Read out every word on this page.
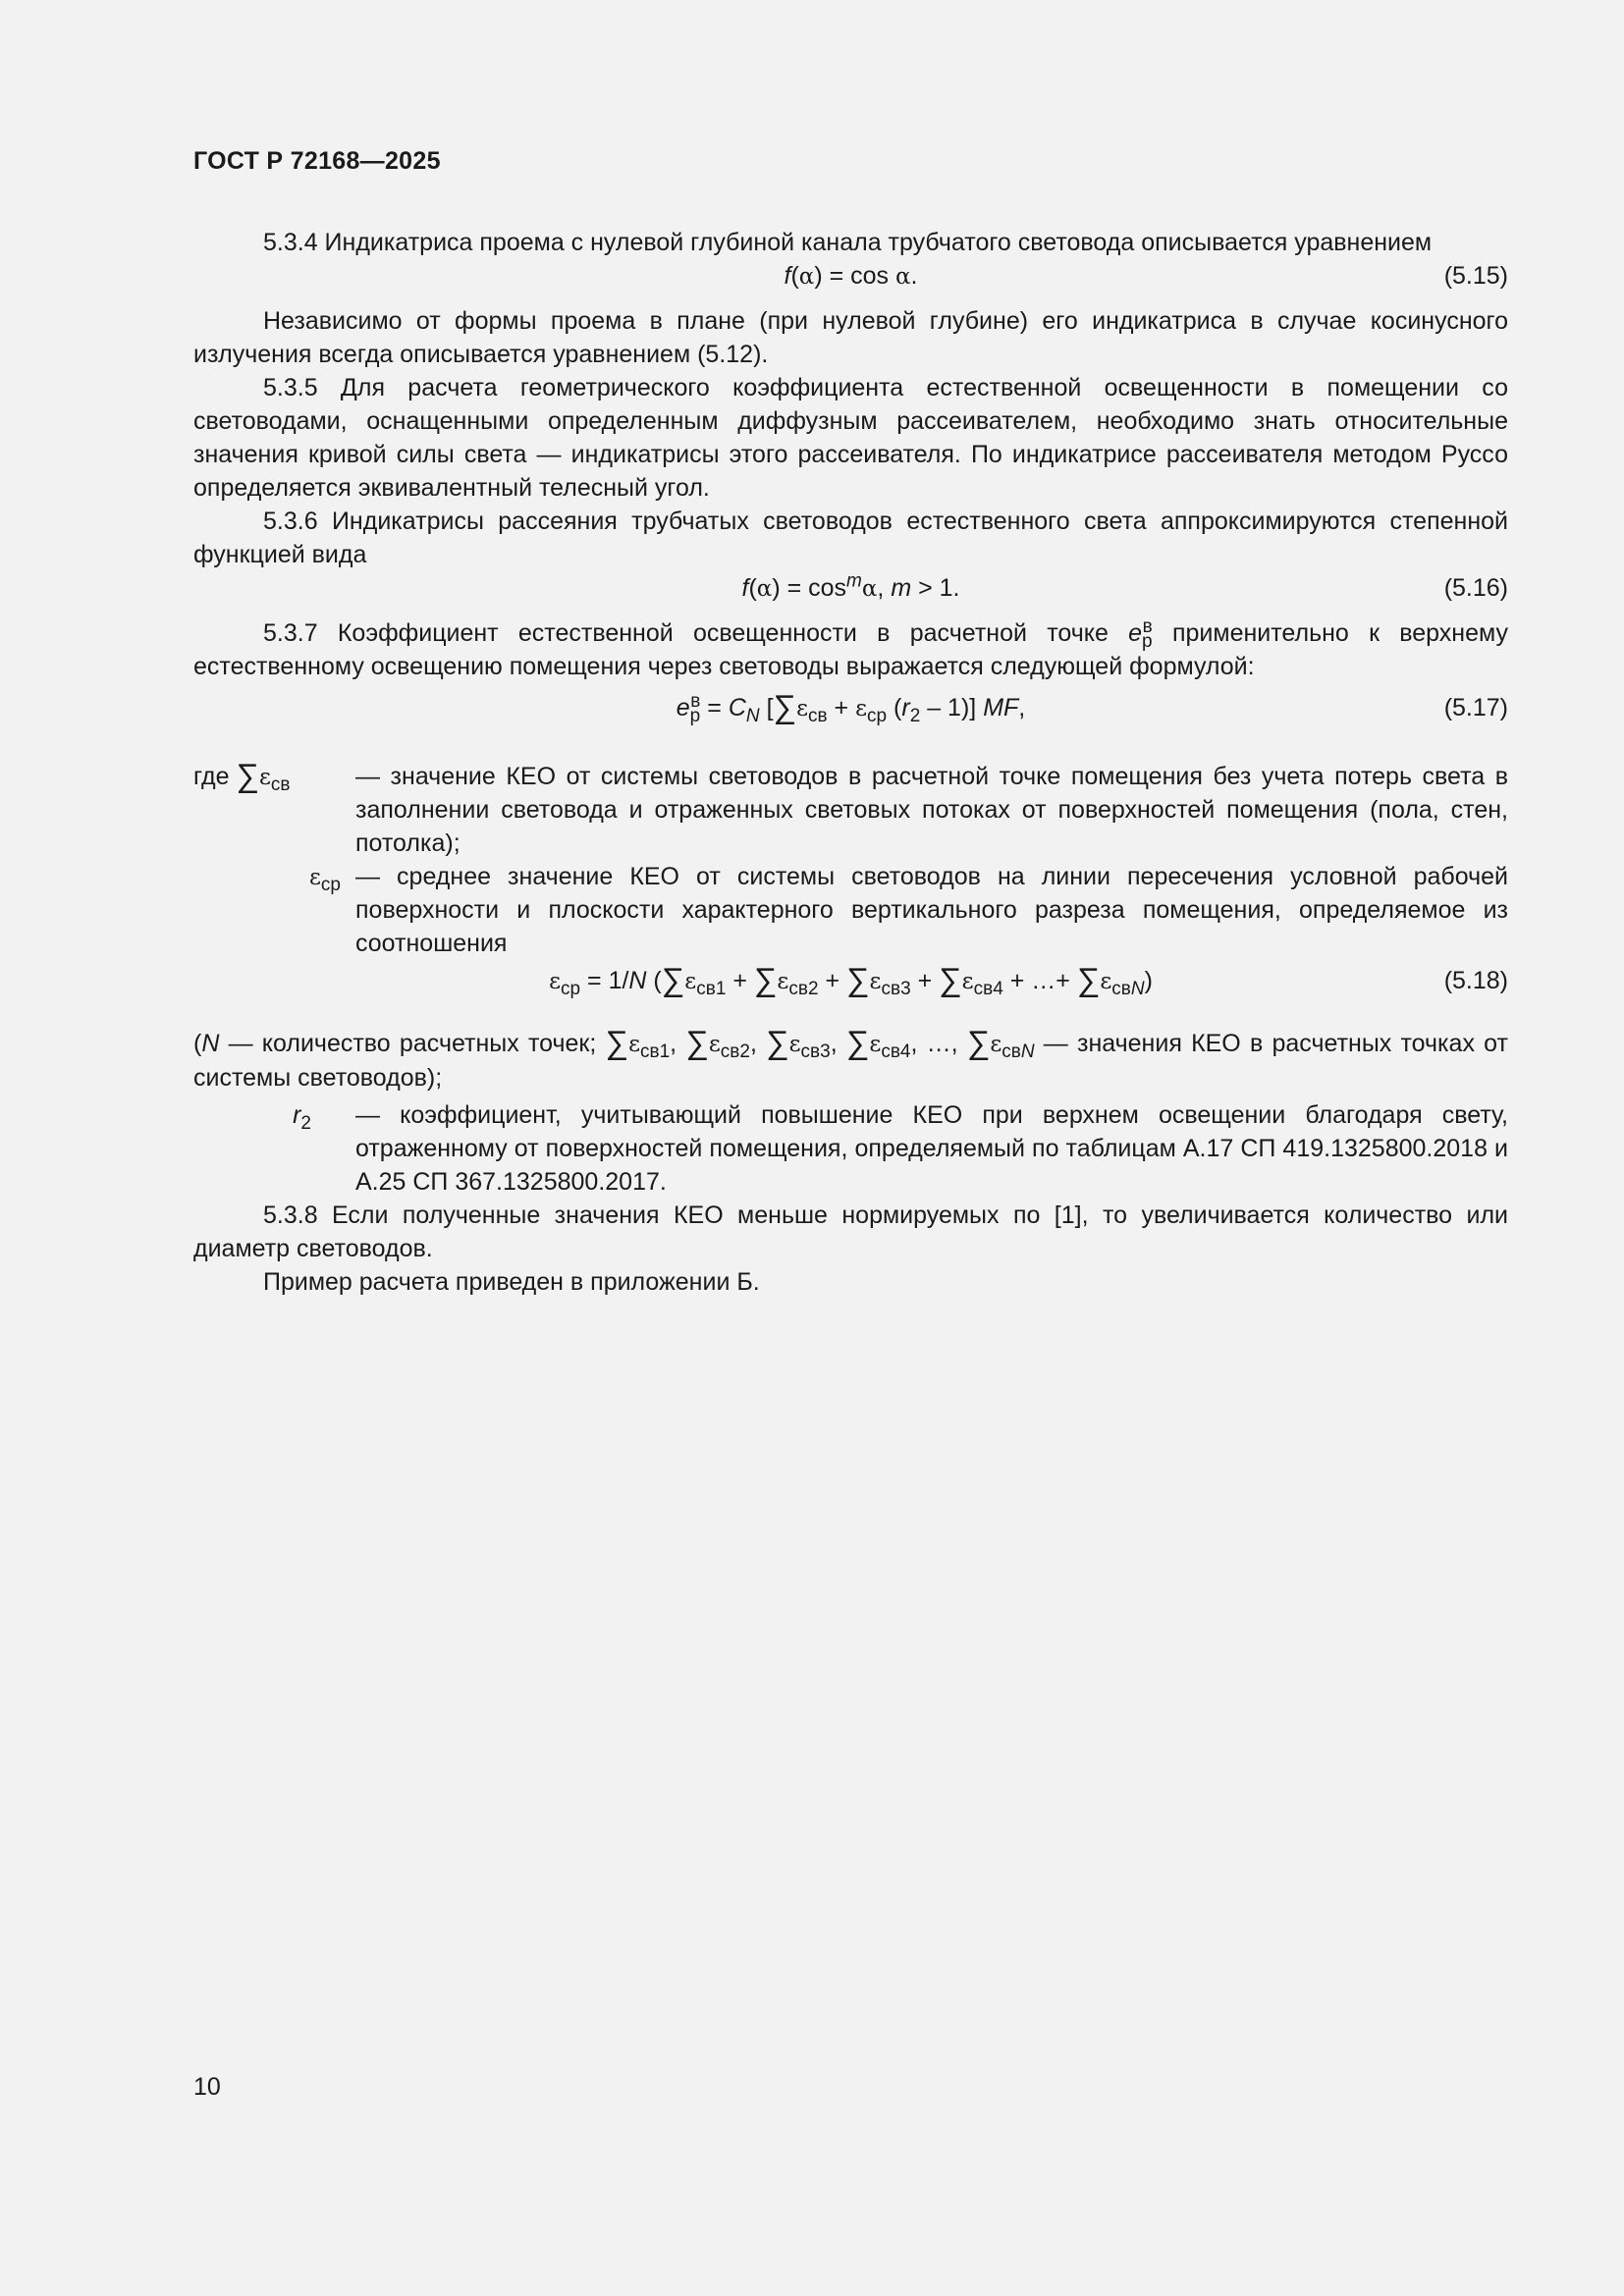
ГОСТ Р 72168—2025

5.3.4 Индикатриса проема с нулевой глубиной канала трубчатого световода описывается уравнением

f(α) = cos α.	(5.15)

Независимо от формы проема в плане (при нулевой глубине) его индикатриса в случае косинусного излучения всегда описывается уравнением (5.12).

5.3.5 Для расчета геометрического коэффициента естественной освещенности в помещении со световодами, оснащенными определенным диффузным рассеивателем, необходимо знать относительные значения кривой силы света — индикатрисы этого рассеивателя. По индикатрисе рассеивателя методом Руссо определяется эквивалентный телесный угол.

5.3.6 Индикатрисы рассеяния трубчатых световодов естественного света аппроксимируются степенной функцией вида

$f(\alpha) = \cos^m\alpha$, m > 1.	(5.16)

5.3.7 Коэффициент естественной освещенности в расчетной точке $e_р^в$ применительно к верхнему естественному освещению помещения через световоды выражается следующей формулой:

$e_р^в = C_N$ [$\sum\varepsilon_{св} + \varepsilon_{ср}$ $(r_2 - 1)$] MF,	(5.17)
где $\sum\varepsilon_{св}$	— значение КЕО от системы световодов в расчетной точке помещения без учета потерь света в заполнении световода и отраженных световых потоках от поверхностей помещения (пола, стен, потолка);
$\varepsilon_{ср}$ — среднее значение КЕО от системы световодов на линии пересечения условной рабочей поверхности и плоскости характерного вертикального разреза помещения, определяемое из соотношения
$\varepsilon_{ср} = 1/N$ ($\sum\varepsilon_{св1} + \sum\varepsilon_{св2} + \sum\varepsilon_{св3} + \sum\varepsilon_{св4}$ + …+ $\sum\varepsilon_{свN}$)	(5.18)

(N — количество расчетных точек; $\sum\varepsilon_{св1}$, $\sum\varepsilon_{св2}$, $\sum\varepsilon_{св3}$, $\sum\varepsilon_{св4}$, …, $\sum\varepsilon_{свN}$ — значения КЕО в расчетных точках от системы световодов);

$r_2$ — коэффициент, учитывающий повышение КЕО при верхнем освещении благодаря свету, отраженному от поверхностей помещения, определяемый по таблицам А.17 СП 419.1325800.2018 и А.25 СП 367.1325800.2017.

5.3.8 Если полученные значения КЕО меньше нормируемых по [1], то увеличивается количество или диаметр световодов.

Пример расчета приведен в приложении Б.

10
